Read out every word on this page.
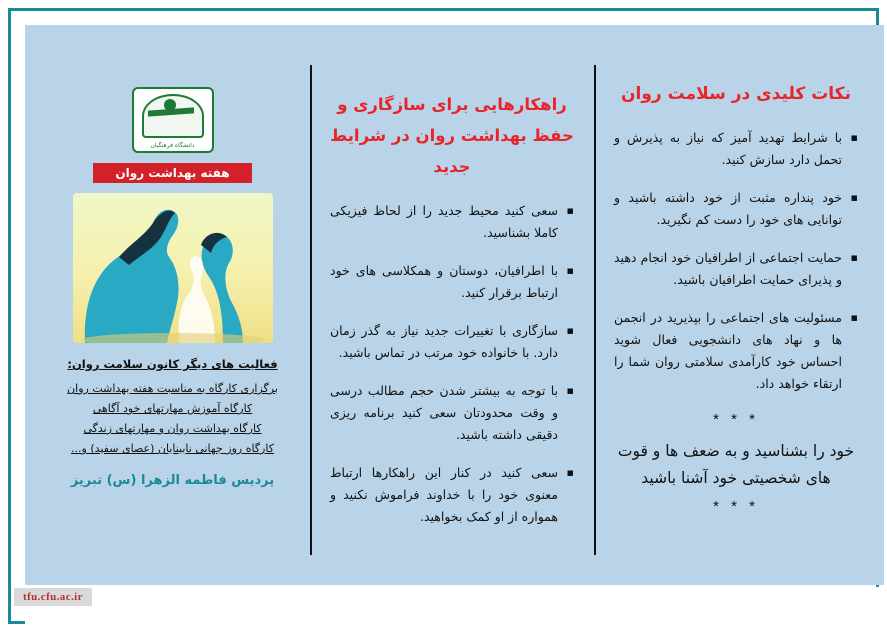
نکات کلیدی در سلامت روان
▪ با شرایط تهدید آمیز که نیاز به پذیرش و تحمل دارد سازش کنید.
▪ خود پنداره مثبت از خود داشته باشید و توانایی های خود را دست کم نگیرید.
▪ حمایت اجتماعی از اطرافیان خود انجام دهید و پذیرای حمایت اطرافیان باشید.
▪ مسئولیت های اجتماعی را بپذیرید در انجمن ها و نهاد های دانشجویی فعال شوید احساس خود کارآمدی سلامتی روان شما را ارتقاء خواهد داد.
* * *
خود را بشناسید و به ضعف ها و قوت های شخصیتی خود آشنا باشید
* * *
راهکارهایی برای سازگاری و حفظ بهداشت روان در شرایط جدید
▪ سعی کنید محیط جدید را از لحاظ فیزیکی کاملا بشناسید.
▪ با اطرافیان، دوستان و همکلاسی های خود ارتباط برقرار کنید.
▪ سازگاری با تغییرات جدید نیاز به گذر زمان دارد. با خانواده خود مرتب در تماس باشید.
▪ با توجه به بیشتر شدن حجم مطالب درسی و وقت محدودتان سعی کنید برنامه ریزی دقیقی داشته باشید.
▪ سعی کنید در کنار این راهکارها ارتباط معنوی خود را با خداوند فراموش نکنید و همواره از او کمک بخواهید.
دانشگاه فرهنگیان
هفته بهداشت روان
فعالیت های دیگر کانون سلامت روان:
برگزاری کارگاه به مناسبت هفته بهداشت روان
کارگاه آموزش مهارتهای خود آگاهی
کارگاه بهداشت روان و مهارتهای زندگی
کارگاه روز جهانی نابینایان (عصای سفید) و...
پردیس فاطمه الزهرا (س) تبریز
tfu.cfu.ac.ir
